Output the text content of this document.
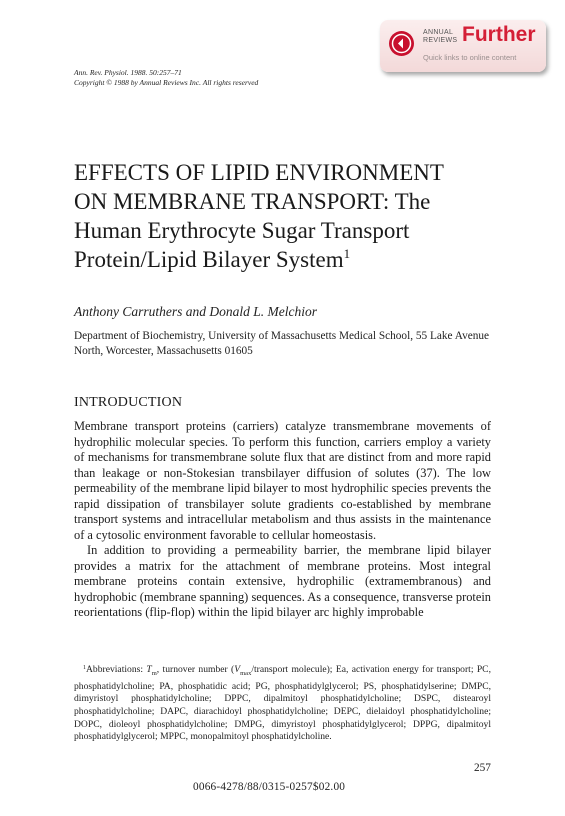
ANNUAL
REVIEWS Further
Quick links to online content
Ann. Rev. Physiol. 1988. 50:257–71
Copyright © 1988 by Annual Reviews Inc. All rights reserved
EFFECTS OF LIPID ENVIRONMENT
ON MEMBRANE TRANSPORT: The
Human Erythrocyte Sugar Transport
Protein/Lipid Bilayer System$^1$
Anthony Carruthers and Donald L. Melchior
Department of Biochemistry, University of Massachusetts Medical School, 55 Lake Avenue North, Worcester, Massachusetts 01605
INTRODUCTION

Membrane transport proteins (carriers) catalyze transmembrane movements of hydrophilic molecular species. To perform this function, carriers employ a variety of mechanisms for transmembrane solute flux that are distinct from and more rapid than leakage or non-Stokesian transbilayer diffusion of solutes (37). The low permeability of the membrane lipid bilayer to most hydrophilic species prevents the rapid dissipation of transbilayer solute gradients co-established by membrane transport systems and intracellular metabolism and thus assists in the maintenance of a cytosolic environment favorable to cellular homeostasis.

In addition to providing a permeability barrier, the membrane lipid bilayer provides a matrix for the attachment of membrane proteins. Most integral membrane proteins contain extensive, hydrophilic (extramembranous) and hydrophobic (membrane spanning) sequences. As a consequence, transverse protein reorientations (flip-flop) within the lipid bilayer arc highly improbable

$^1$Abbreviations: $T_m$, turnover number ($V_{max}$/transport molecule); Ea, activation energy for transport; PC, phosphatidylcholine; PA, phosphatidic acid; PG, phosphatidylglycerol; PS, phosphatidylserine; DMPC, dimyristoyl phosphatidylcholine; DPPC, dipalmitoyl phosphatidylcholine; DSPC, distearoyl phosphatidylcholine; DAPC, diarachidoyl phosphatidylcholine; DEPC, dielaidoyl phosphatidylcholine; DOPC, dioleoyl phosphatidylcholine; DMPG, dimyristoyl phosphatidylglycerol; DPPG, dipalmitoyl phosphatidylglycerol; MPPC, monopalmitoyl phosphatidylcholine.

257
0066-4278/88/0315-0257$02.00
